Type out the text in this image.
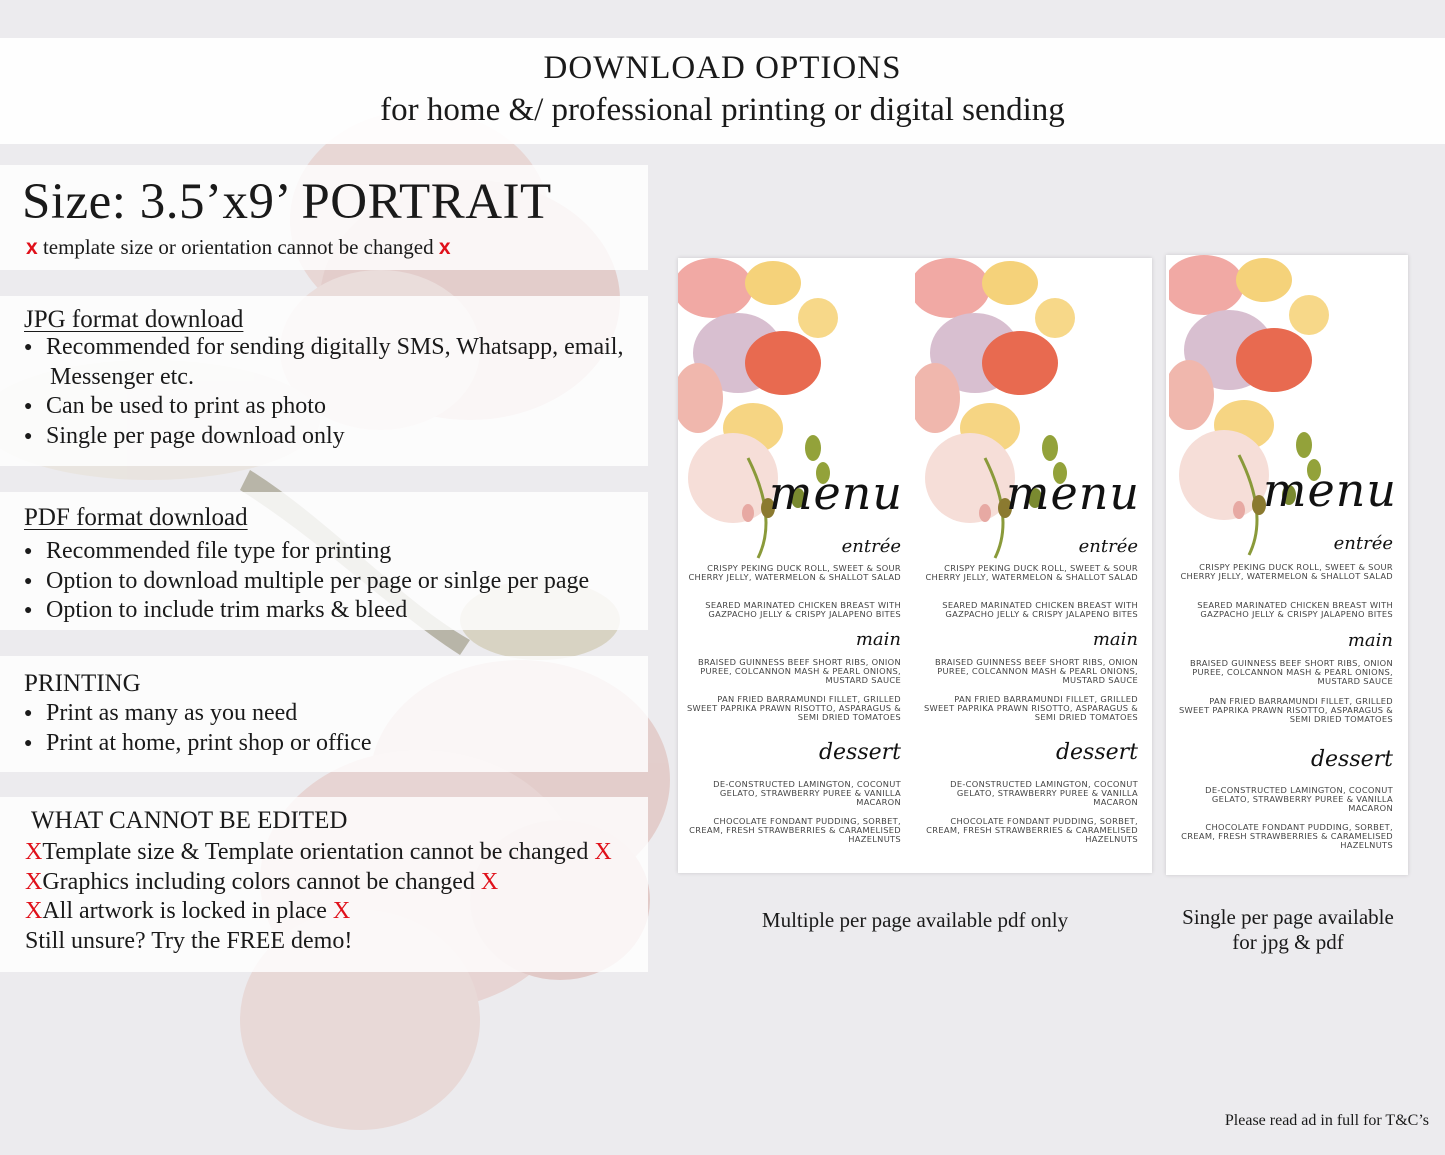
DOWNLOAD OPTIONS
for home &/ professional printing or digital sending
Size: 3.5’x9’ PORTRAIT
x template size or orientation cannot be changed x
JPG format download
● Recommended for sending digitally SMS, Whatsapp, email,
Messenger etc.
● Can be used to print as photo
● Single per page download only
PDF format download
● Recommended file type for printing
● Option to download multiple per page or sinlge per page
● Option to include trim marks & bleed
PRINTING
● Print as many as you need
● Print at home, print shop or office
WHAT CANNOT BE EDITED
XTemplate size & Template orientation cannot be changed X
XGraphics including colors cannot be changed X
XAll artwork is locked in place X
Still unsure? Try the FREE demo!
menu
entrée
CRISPY PEKING DUCK ROLL, SWEET & SOUR CHERRY JELLY, WATERMELON & SHALLOT SALAD
SEARED MARINATED CHICKEN BREAST WITH GAZPACHO JELLY & CRISPY JALAPENO BITES
main
BRAISED GUINNESS BEEF SHORT RIBS, ONION PUREE, COLCANNON MASH & PEARL ONIONS, MUSTARD SAUCE
PAN FRIED BARRAMUNDI FILLET, GRILLED SWEET PAPRIKA PRAWN RISOTTO, ASPARAGUS & SEMI DRIED TOMATOES
dessert
DE-CONSTRUCTED LAMINGTON, COCONUT GELATO, STRAWBERRY PUREE & VANILLA MACARON
CHOCOLATE FONDANT PUDDING, SORBET, CREAM, FRESH STRAWBERRIES & CARAMELISED HAZELNUTS
menu
entrée
CRISPY PEKING DUCK ROLL, SWEET & SOUR CHERRY JELLY, WATERMELON & SHALLOT SALAD
SEARED MARINATED CHICKEN BREAST WITH GAZPACHO JELLY & CRISPY JALAPENO BITES
main
BRAISED GUINNESS BEEF SHORT RIBS, ONION PUREE, COLCANNON MASH & PEARL ONIONS, MUSTARD SAUCE
PAN FRIED BARRAMUNDI FILLET, GRILLED SWEET PAPRIKA PRAWN RISOTTO, ASPARAGUS & SEMI DRIED TOMATOES
dessert
DE-CONSTRUCTED LAMINGTON, COCONUT GELATO, STRAWBERRY PUREE & VANILLA MACARON
CHOCOLATE FONDANT PUDDING, SORBET, CREAM, FRESH STRAWBERRIES & CARAMELISED HAZELNUTS
menu
entrée
CRISPY PEKING DUCK ROLL, SWEET & SOUR CHERRY JELLY, WATERMELON & SHALLOT SALAD
SEARED MARINATED CHICKEN BREAST WITH GAZPACHO JELLY & CRISPY JALAPENO BITES
main
BRAISED GUINNESS BEEF SHORT RIBS, ONION PUREE, COLCANNON MASH & PEARL ONIONS, MUSTARD SAUCE
PAN FRIED BARRAMUNDI FILLET, GRILLED SWEET PAPRIKA PRAWN RISOTTO, ASPARAGUS & SEMI DRIED TOMATOES
dessert
DE-CONSTRUCTED LAMINGTON, COCONUT GELATO, STRAWBERRY PUREE & VANILLA MACARON
CHOCOLATE FONDANT PUDDING, SORBET, CREAM, FRESH STRAWBERRIES & CARAMELISED HAZELNUTS
Multiple per page available pdf only	Single per page available
for jpg & pdf
Please read ad in full for T&C’s
